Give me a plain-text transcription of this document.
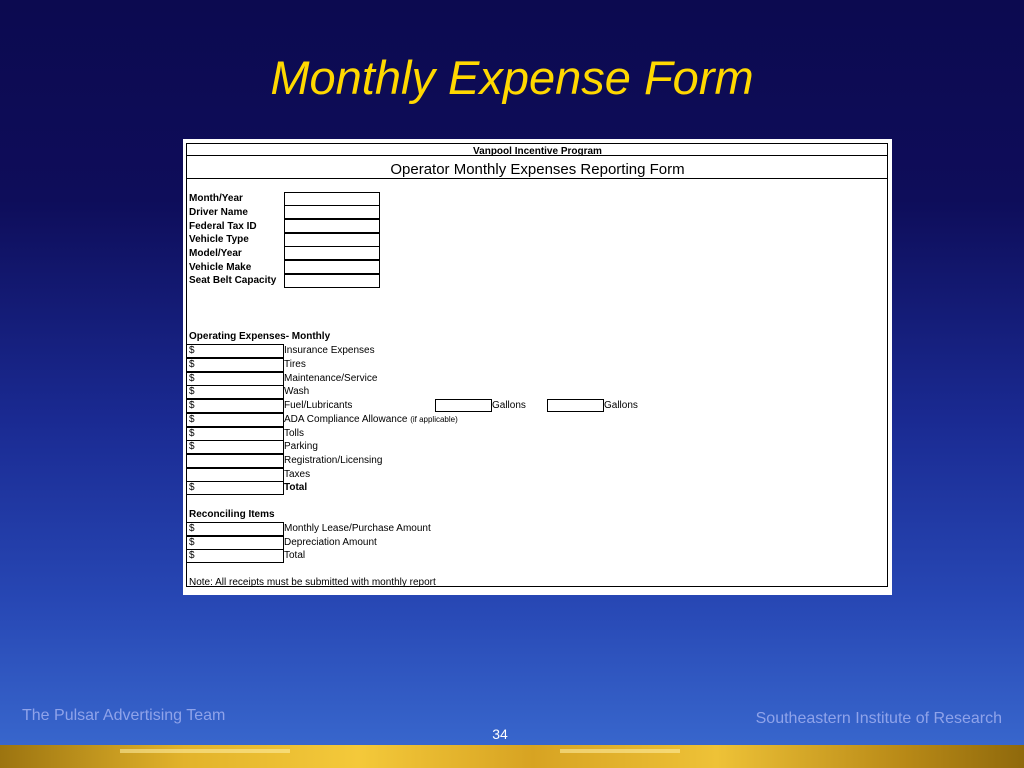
Monthly Expense Form
Vanpool Incentive Program
Operator Monthly Expenses Reporting Form
Month/Year
Driver Name
Federal Tax ID
Vehicle Type
Model/Year
Vehicle Make
Seat Belt Capacity
Operating Expenses- Monthly
$	Insurance Expenses
$	Tires
$	Maintenance/Service
$	Wash
$	Fuel/Lubricants	Gallons	Gallons
$	ADA Compliance Allowance (if applicable)
$	Tolls
$	Parking
Registration/Licensing
Taxes
$	Total
Reconciling Items
$	Monthly Lease/Purchase Amount
$	Depreciation Amount
$	Total
Note: All receipts must be submitted with monthly report
The Pulsar Advertising Team	Southeastern Institute of Research
34
